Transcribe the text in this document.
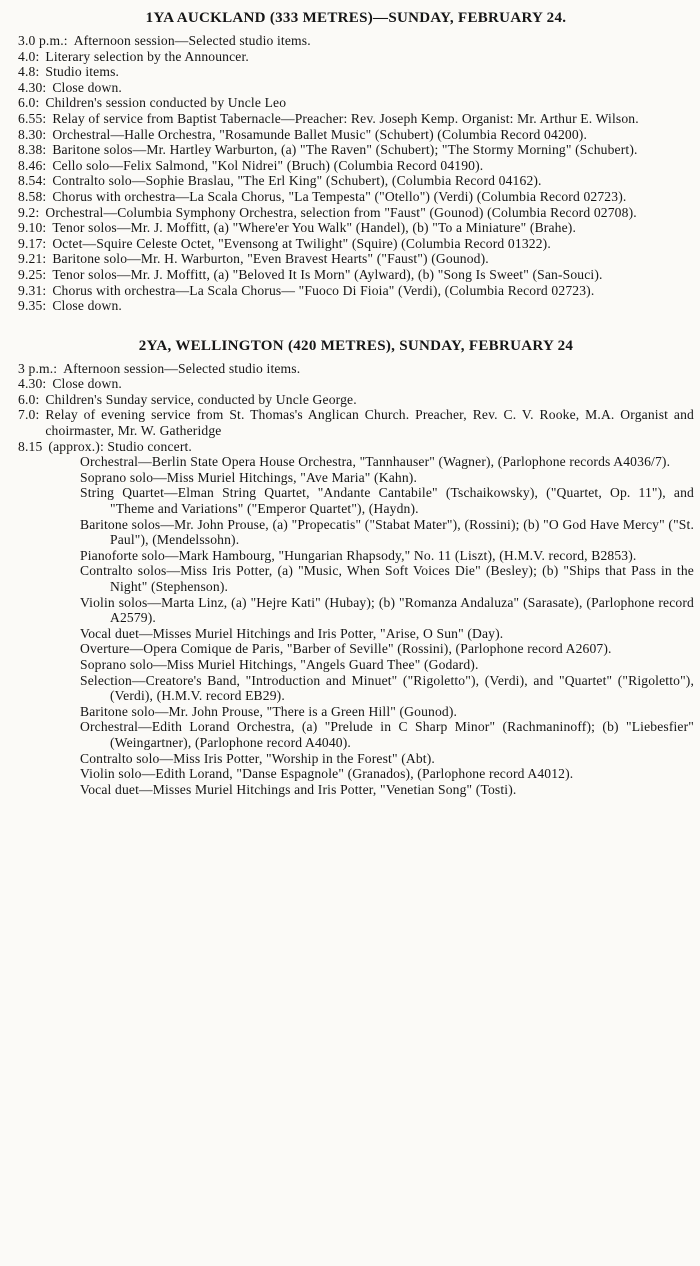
1YA AUCKLAND (333 METRES)—SUNDAY, FEBRUARY 24.
3.0 p.m.: Afternoon session—Selected studio items.
4.0: Literary selection by the Announcer.
4.8: Studio items.
4.30: Close down.
6.0: Children's session conducted by Uncle Leo
6.55: Relay of service from Baptist Tabernacle—Preacher: Rev. Joseph Kemp. Organist: Mr. Arthur E. Wilson.
8.30: Orchestral—Halle Orchestra, "Rosamunde Ballet Music" (Schubert) (Columbia Record 04200).
8.38: Baritone solos—Mr. Hartley Warburton, (a) "The Raven" (Schubert); "The Stormy Morning" (Schubert).
8.46: Cello solo—Felix Salmond, "Kol Nidrei" (Bruch) (Columbia Record 04190).
8.54: Contralto solo—Sophie Braslau, "The Erl King" (Schubert), (Columbia Record 04162).
8.58: Chorus with orchestra—La Scala Chorus, "La Tempesta" ("Otello") (Verdi) (Columbia Record 02723).
9.2: Orchestral—Columbia Symphony Orchestra, selection from "Faust" (Gounod) (Columbia Record 02708).
9.10: Tenor solos—Mr. J. Moffitt, (a) "Where'er You Walk" (Handel), (b) "To a Miniature" (Brahe).
9.17: Octet—Squire Celeste Octet, "Evensong at Twilight" (Squire) (Columbia Record 01322).
9.21: Baritone solo—Mr. H. Warburton, "Even Bravest Hearts" ("Faust") (Gounod).
9.25: Tenor solos—Mr. J. Moffitt, (a) "Beloved It Is Morn" (Aylward), (b) "Song Is Sweet" (San-Souci).
9.31: Chorus with orchestra—La Scala Chorus— "Fuoco Di Fioia" (Verdi), (Columbia Record 02723).
9.35: Close down.
2YA, WELLINGTON (420 METRES), SUNDAY, FEBRUARY 24
3 p.m.: Afternoon session—Selected studio items.
4.30: Close down.
6.0: Children's Sunday service, conducted by Uncle George.
7.0: Relay of evening service from St. Thomas's Anglican Church. Preacher, Rev. C. V. Rooke, M.A. Organist and choirmaster, Mr. W. Gatheridge
8.15 (approx.): Studio concert.
Orchestral—Berlin State Opera House Orchestra, "Tannhauser" (Wagner), (Parlophone records A4036/7).
Soprano solo—Miss Muriel Hitchings, "Ave Maria" (Kahn).
String Quartet—Elman String Quartet, "Andante Cantabile" (Tschaikowsky), ("Quartet, Op. 11"), and "Theme and Variations" ("Emperor Quartet"), (Haydn).
Baritone solos—Mr. John Prouse, (a) "Propecatis" ("Stabat Mater"), (Rossini); (b) "O God Have Mercy" ("St. Paul"), (Mendelssohn).
Pianoforte solo—Mark Hambourg, "Hungarian Rhapsody," No. 11 (Liszt), (H.M.V. record, B2853).
Contralto solos—Miss Iris Potter, (a) "Music, When Soft Voices Die" (Besley); (b) "Ships that Pass in the Night" (Stephenson).
Violin solos—Marta Linz, (a) "Hejre Kati" (Hubay); (b) "Romanza Andaluza" (Sarasate), (Parlophone record A2579).
Vocal duet—Misses Muriel Hitchings and Iris Potter, "Arise, O Sun" (Day).
Overture—Opera Comique de Paris, "Barber of Seville" (Rossini), (Parlophone record A2607).
Soprano solo—Miss Muriel Hitchings, "Angels Guard Thee" (Godard).
Selection—Creatore's Band, "Introduction and Minuet" ("Rigoletto"), (Verdi), and "Quartet" ("Rigoletto"), (Verdi), (H.M.V. record EB29).
Baritone solo—Mr. John Prouse, "There is a Green Hill" (Gounod).
Orchestral—Edith Lorand Orchestra, (a) "Prelude in C Sharp Minor" (Rachmaninoff); (b) "Liebesfier" (Weingartner), (Parlophone record A4040).
Contralto solo—Miss Iris Potter, "Worship in the Forest" (Abt).
Violin solo—Edith Lorand, "Danse Espagnole" (Granados), (Parlophone record A4012).
Vocal duet—Misses Muriel Hitchings and Iris Potter, "Venetian Song" (Tosti).
